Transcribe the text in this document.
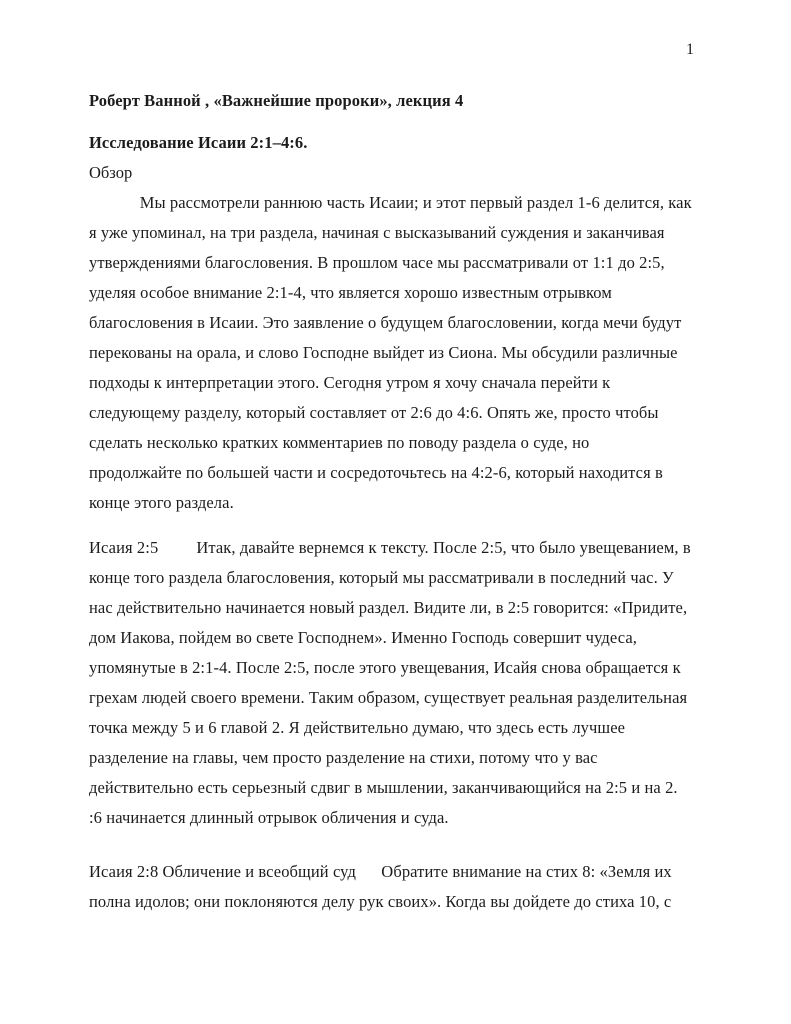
1
Роберт Ванной , «Важнейшие пророки», лекция 4
Исследование Исаии 2:1–4:6.
Обзор
Мы рассмотрели раннюю часть Исаии; и этот первый раздел 1-6 делится, как
я уже упоминал, на три раздела, начиная с высказываний суждения и заканчивая
утверждениями благословения. В прошлом часе мы рассматривали от 1:1 до 2:5,
уделяя особое внимание 2:1-4, что является хорошо известным отрывком
благословения в Исаии. Это заявление о будущем благословении, когда мечи будут
перекованы на орала, и слово Господне выйдет из Сиона. Мы обсудили различные
подходы к интерпретации этого. Сегодня утром я хочу сначала перейти к
следующему разделу, который составляет от 2:6 до 4:6. Опять же, просто чтобы
сделать несколько кратких комментариев по поводу раздела о суде, но
продолжайте по большей части и сосредоточьтесь на 4:2-6, который находится в
конце этого раздела.
Исаия 2:5         Итак, давайте вернемся к тексту. После 2:5, что было увещеванием, в
конце того раздела благословения, который мы рассматривали в последний час. У
нас действительно начинается новый раздел. Видите ли, в 2:5 говорится: «Придите,
дом Иакова, пойдем во свете Господнем». Именно Господь совершит чудеса,
упомянутые в 2:1-4. После 2:5, после этого увещевания, Исайя снова обращается к
грехам людей своего времени. Таким образом, существует реальная разделительная
точка между 5 и 6 главой 2. Я действительно думаю, что здесь есть лучшее
разделение на главы, чем просто разделение на стихи, потому что у вас
действительно есть серьезный сдвиг в мышлении, заканчивающийся на 2:5 и на 2.
:6 начинается длинный отрывок обличения и суда.
Исаия 2:8 Обличение и всеобщий суд      Обратите внимание на стих 8: «Земля их
полна идолов; они поклоняются делу рук своих». Когда вы дойдете до стиха 10, с
